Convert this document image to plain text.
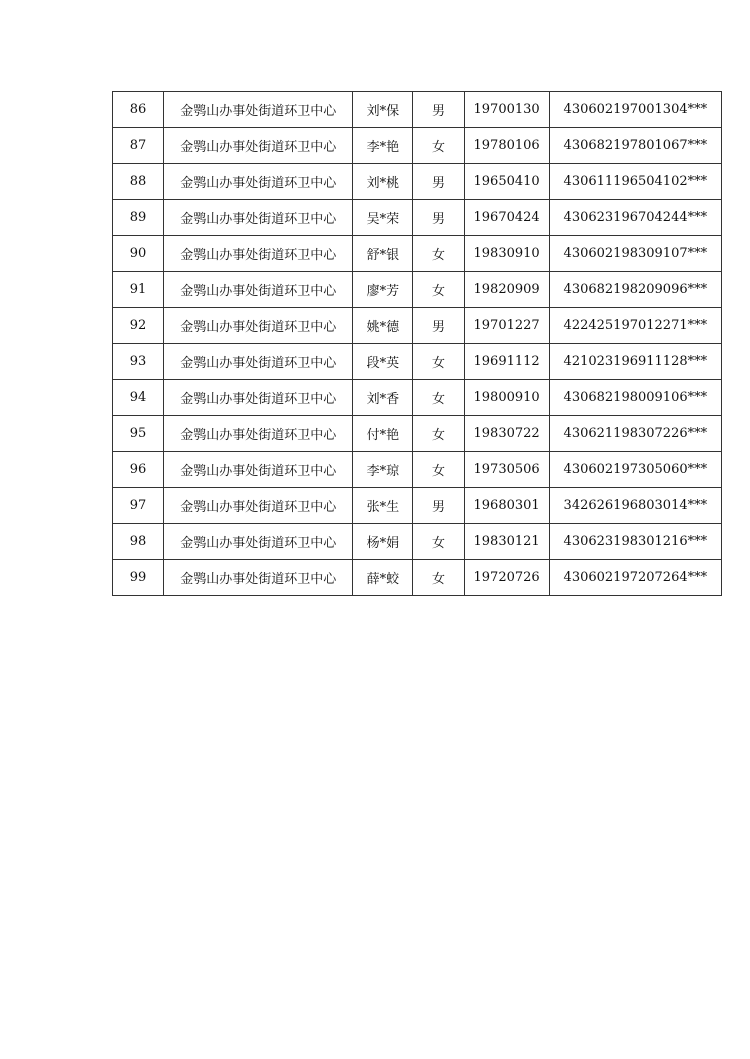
86	金鹗山办事处街道环卫中心	刘*保	男	19700130	430602197001304***
87	金鹗山办事处街道环卫中心	李*艳	女	19780106	430682197801067***
88	金鹗山办事处街道环卫中心	刘*桃	男	19650410	430611196504102***
89	金鹗山办事处街道环卫中心	吴*荣	男	19670424	430623196704244***
90	金鹗山办事处街道环卫中心	舒*银	女	19830910	430602198309107***
91	金鹗山办事处街道环卫中心	廖*芳	女	19820909	430682198209096***
92	金鹗山办事处街道环卫中心	姚*德	男	19701227	422425197012271***
93	金鹗山办事处街道环卫中心	段*英	女	19691112	421023196911128***
94	金鹗山办事处街道环卫中心	刘*香	女	19800910	430682198009106***
95	金鹗山办事处街道环卫中心	付*艳	女	19830722	430621198307226***
96	金鹗山办事处街道环卫中心	李*琼	女	19730506	430602197305060***
97	金鹗山办事处街道环卫中心	张*生	男	19680301	342626196803014***
98	金鹗山办事处街道环卫中心	杨*娟	女	19830121	430623198301216***
99	金鹗山办事处街道环卫中心	薛*蛟	女	19720726	430602197207264***
